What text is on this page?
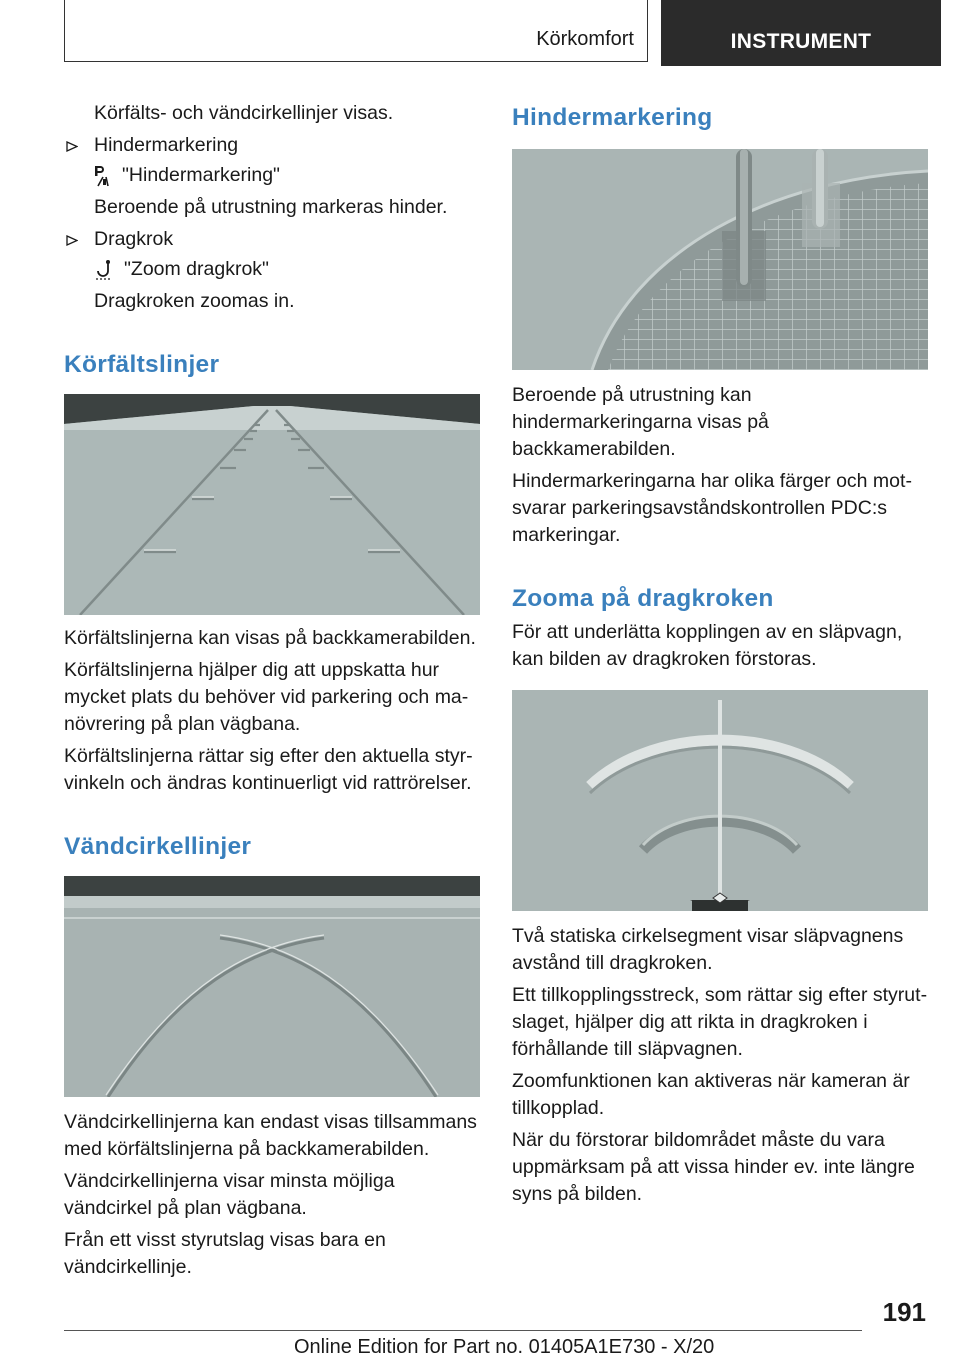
Körkomfort	INSTRUMENT

Körfälts- och vändcirkellinjer visas.

Hindermarkering
"Hindermarkering"

Beroende på utrustning markeras hinder.

Dragkrok
"Zoom dragkrok"

Dragkroken zoomas in.

Körfältslinjer

Körfältslinjerna kan visas på backkamerabilden.

Körfältslinjerna hjälper dig att uppskatta hur mycket plats du behöver vid parkering och manövrering på plan vägbana.

Körfältslinjerna rättar sig efter den aktuella styrvinkeln och ändras kontinuerligt vid rattrörelser.

Vändcirkellinjer

Vändcirkellinjerna kan endast visas tillsammans med körfältslinjerna på backkamerabilden.

Vändcirkellinjerna visar minsta möjliga vändcirkel på plan vägbana.

Från ett visst styrutslag visas bara en vändcirkellinje.

Hindermarkering

Beroende på utrustning kan hindermarkeringarna visas på backkamerabilden.

Hindermarkeringarna har olika färger och motsvarar parkeringsavståndskontrollen PDC:s markeringar.

Zooma på dragkroken

För att underlätta kopplingen av en släpvagn, kan bilden av dragkroken förstoras.

Två statiska cirkelsegment visar släpvagnens avstånd till dragkroken.

Ett tillkopplingsstreck, som rättar sig efter styrutslaget, hjälper dig att rikta in dragkroken i förhållande till släpvagnen.

Zoomfunktionen kan aktiveras när kameran är tillkopplad.

När du förstorar bildområdet måste du vara uppmärksam på att vissa hinder ev. inte längre syns på bilden.

191
Online Edition for Part no. 01405A1E730 - X/20
